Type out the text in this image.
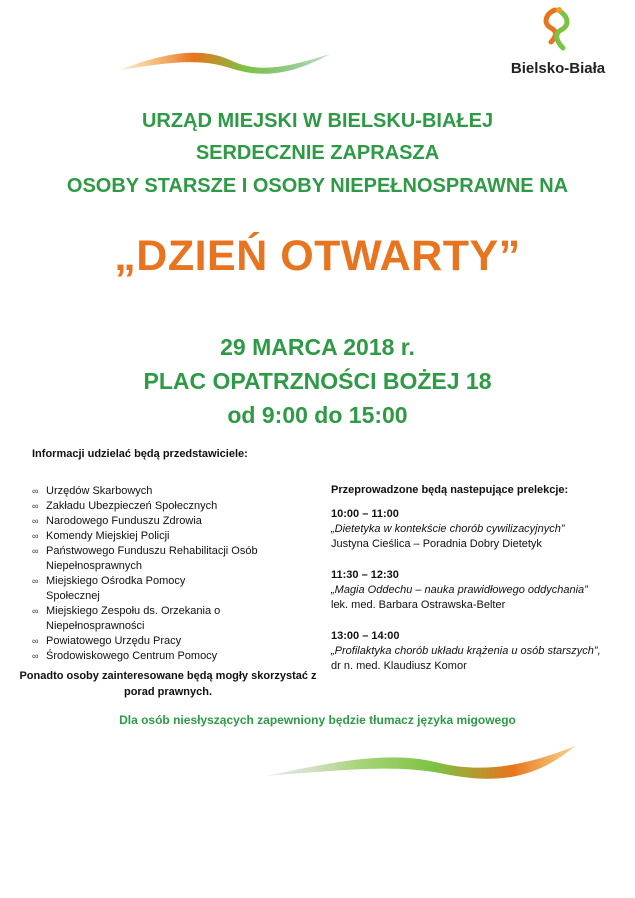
Bielsko-Biała
URZĄD MIEJSKI W BIELSKU-BIAŁEJ
SERDECZNIE ZAPRASZA
OSOBY STARSZE I OSOBY NIEPEŁNOSPRAWNE NA
„DZIEŃ OTWARTY”
29 MARCA 2018 r.
PLAC OPATRZNOŚCI BOŻEJ 18
od 9:00 do 15:00
Informacji udzielać będą przedstawiciele:
∞ Urzędów Skarbowych
∞ Zakładu Ubezpieczeń Społecznych
∞ Narodowego Funduszu Zdrowia
∞ Komendy Miejskiej Policji
∞ Państwowego Funduszu Rehabilitacji Osób Niepełnosprawnych
∞ Miejskiego Ośrodka Pomocy Społecznej
∞ Miejskiego Zespołu ds. Orzekania o Niepełnosprawności
∞ Powiatowego Urzędu Pracy
∞ Środowiskowego Centrum Pomocy
Ponadto osoby zainteresowane będą mogły skorzystać z porad prawnych.
Przeprowadzone będą nastepujące prelekcje:
10:00 – 11:00
„Dietetyka w kontekście chorób cywilizacyjnych”
Justyna Cieślica – Poradnia Dobry Dietetyk
11:30 – 12:30
„Magia Oddechu – nauka prawidłowego oddychania”
lek. med. Barbara Ostrawska-Belter
13:00 – 14:00
„Profilaktyka chorób układu krążenia u osób starszych”,
dr n. med. Klaudiusz Komor
Dla osób niesłyszących zapewniony będzie tłumacz języka migowego
